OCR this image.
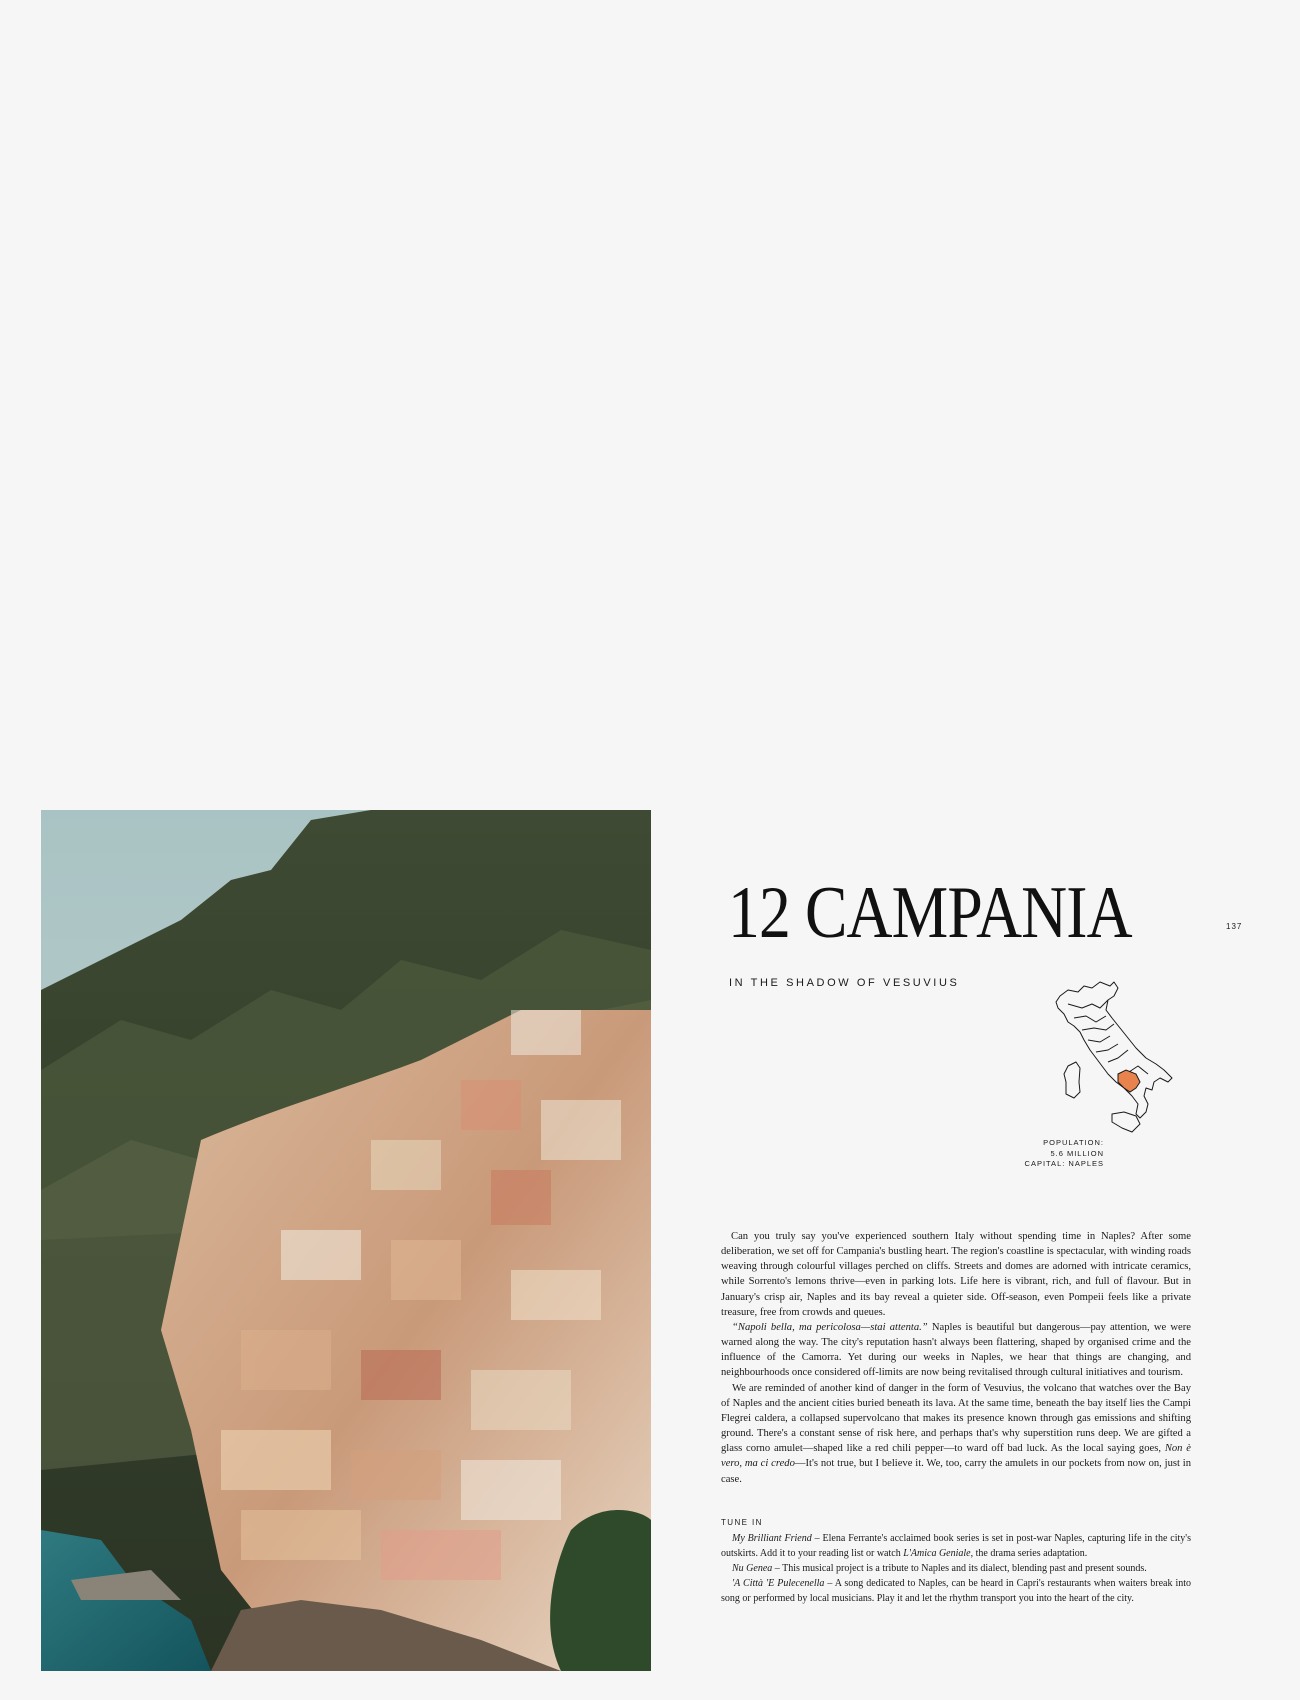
12 CAMPANIA	137
IN THE SHADOW OF VESUVIUS
POPULATION:
5.6 MILLION
CAPITAL: NAPLES

Can you truly say you've experienced southern Italy without spending time in Naples? After some deliberation, we set off for Campania's bustling heart. The region's coastline is spectacular, with winding roads weaving through colourful villages perched on cliffs. Streets and domes are adorned with intricate ceramics, while Sorrento's lemons thrive—even in parking lots. Life here is vibrant, rich, and full of flavour. But in January's crisp air, Naples and its bay reveal a quieter side. Off-season, even Pompeii feels like a private treasure, free from crowds and queues.

“Napoli bella, ma pericolosa—stai attenta.” Naples is beautiful but dangerous—pay attention, we were warned along the way. The city's reputation hasn't always been flattering, shaped by organised crime and the influence of the Camorra. Yet during our weeks in Naples, we hear that things are changing, and neighbourhoods once considered off-limits are now being revitalised through cultural initiatives and tourism.

We are reminded of another kind of danger in the form of Vesuvius, the volcano that watches over the Bay of Naples and the ancient cities buried beneath its lava. At the same time, beneath the bay itself lies the Campi Flegrei caldera, a collapsed supervolcano that makes its presence known through gas emissions and shifting ground. There's a constant sense of risk here, and perhaps that's why superstition runs deep. We are gifted a glass corno amulet—shaped like a red chili pepper—to ward off bad luck. As the local saying goes, Non è vero, ma ci credo—It's not true, but I believe it. We, too, carry the amulets in our pockets from now on, just in case.

TUNE IN

My Brilliant Friend – Elena Ferrante's acclaimed book series is set in post-war Naples, capturing life in the city's outskirts. Add it to your reading list or watch L'Amica Geniale, the drama series adaptation.

Nu Genea – This musical project is a tribute to Naples and its dialect, blending past and present sounds.

'A Città 'E Pulecenella – A song dedicated to Naples, can be heard in Capri's restaurants when waiters break into song or performed by local musicians. Play it and let the rhythm transport you into the heart of the city.
